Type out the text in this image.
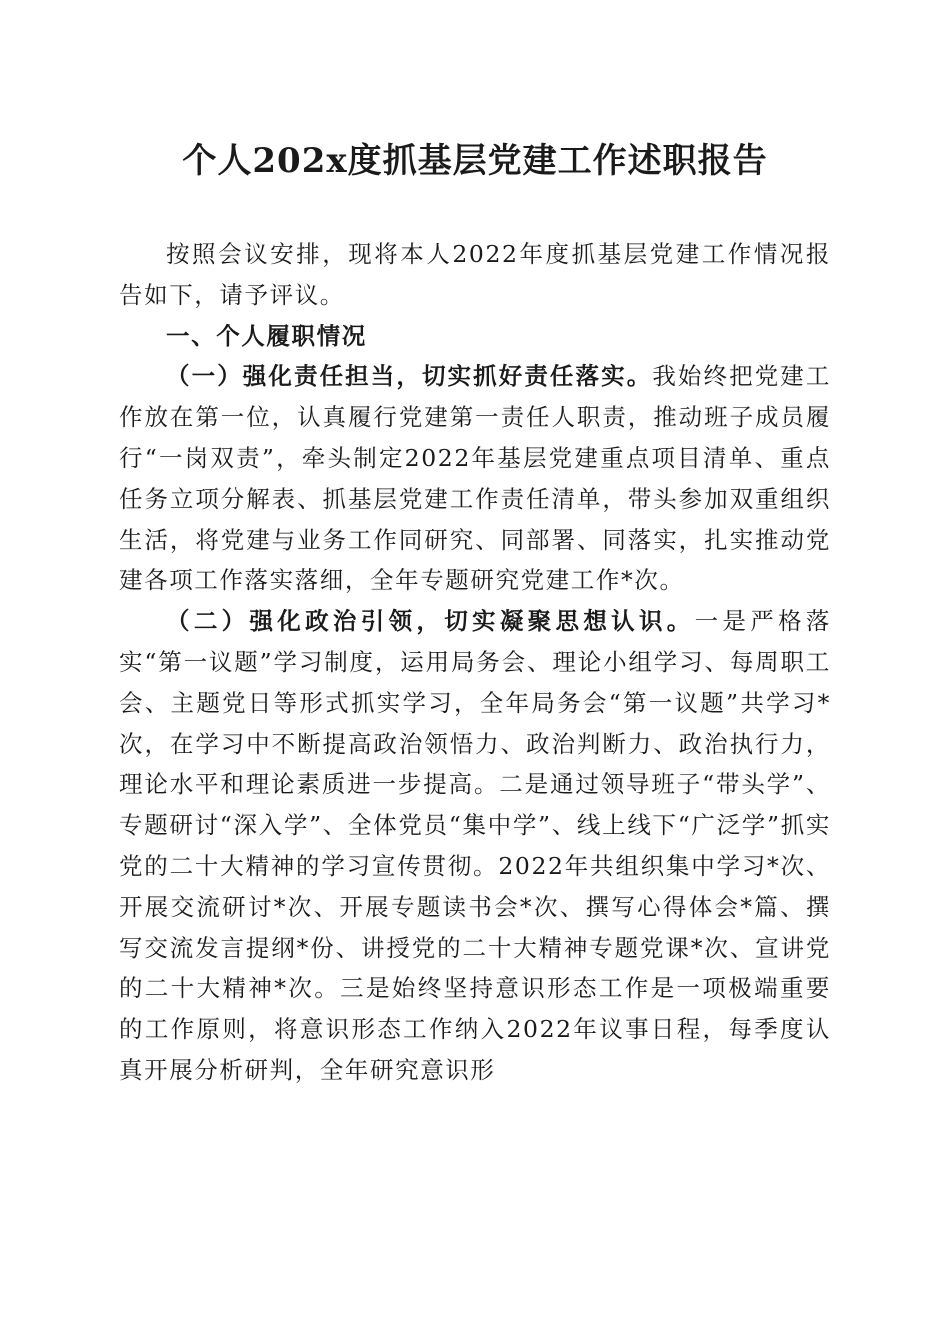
个人202x度抓基层党建工作述职报告

按照会议安排，现将本人2022年度抓基层党建工作情况报告如下，请予评议。

一、个人履职情况

（一）强化责任担当，切实抓好责任落实。我始终把党建工作放在第一位，认真履行党建第一责任人职责，推动班子成员履行“一岗双责”，牵头制定2022年基层党建重点项目清单、重点任务立项分解表、抓基层党建工作责任清单，带头参加双重组织生活，将党建与业务工作同研究、同部署、同落实，扎实推动党建各项工作落实落细，全年专题研究党建工作*次。

（二）强化政治引领，切实凝聚思想认识。一是严格落实“第一议题”学习制度，运用局务会、理论小组学习、每周职工会、主题党日等形式抓实学习，全年局务会“第一议题”共学习*次，在学习中不断提高政治领悟力、政治判断力、政治执行力，理论水平和理论素质进一步提高。二是通过领导班子“带头学”、专题研讨“深入学”、全体党员“集中学”、线上线下“广泛学”抓实党的二十大精神的学习宣传贯彻。2022年共组织集中学习*次、开展交流研讨*次、开展专题读书会*次、撰写心得体会*篇、撰写交流发言提纲*份、讲授党的二十大精神专题党课*次、宣讲党的二十大精神*次。三是始终坚持意识形态工作是一项极端重要的工作原则，将意识形态工作纳入2022年议事日程，每季度认真开展分析研判，全年研究意识形
